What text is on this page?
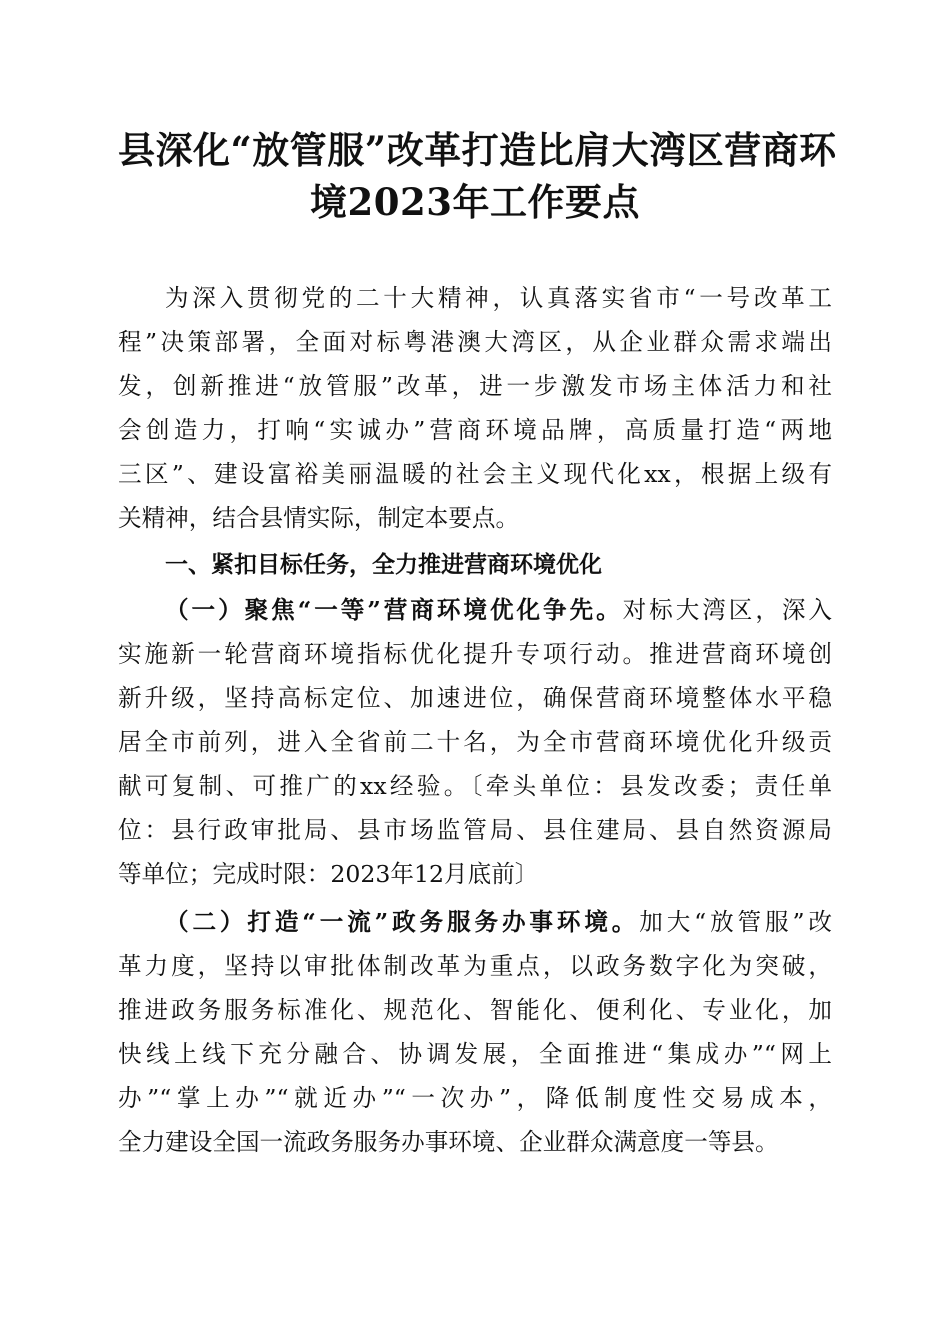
县深化“放管服”改革打造比肩大湾区营商环
境2023年工作要点
为深入贯彻党的二十大精神，认真落实省市“一号改革工
程”决策部署，全面对标粤港澳大湾区，从企业群众需求端出
发，创新推进“放管服”改革，进一步激发市场主体活力和社
会创造力，打响“实诚办”营商环境品牌，高质量打造“两地
三区”、建设富裕美丽温暖的社会主义现代化xx，根据上级有
关精神，结合县情实际，制定本要点。
一、紧扣目标任务，全力推进营商环境优化
（一）聚焦“一等”营商环境优化争先。对标大湾区，深入
实施新一轮营商环境指标优化提升专项行动。推进营商环境创
新升级，坚持高标定位、加速进位，确保营商环境整体水平稳
居全市前列，进入全省前二十名，为全市营商环境优化升级贡
献可复制、可推广的xx经验。〔牵头单位：县发改委；责任单
位：县行政审批局、县市场监管局、县住建局、县自然资源局
等单位；完成时限：2023年12月底前〕
（二）打造“一流”政务服务办事环境。加大“放管服”改
革力度，坚持以审批体制改革为重点，以政务数字化为突破，
推进政务服务标准化、规范化、智能化、便利化、专业化，加
快线上线下充分融合、协调发展，全面推进“集成办”“网上
办”“掌上办”“就近办”“一次办”，降低制度性交易成本，
全力建设全国一流政务服务办事环境、企业群众满意度一等县。
